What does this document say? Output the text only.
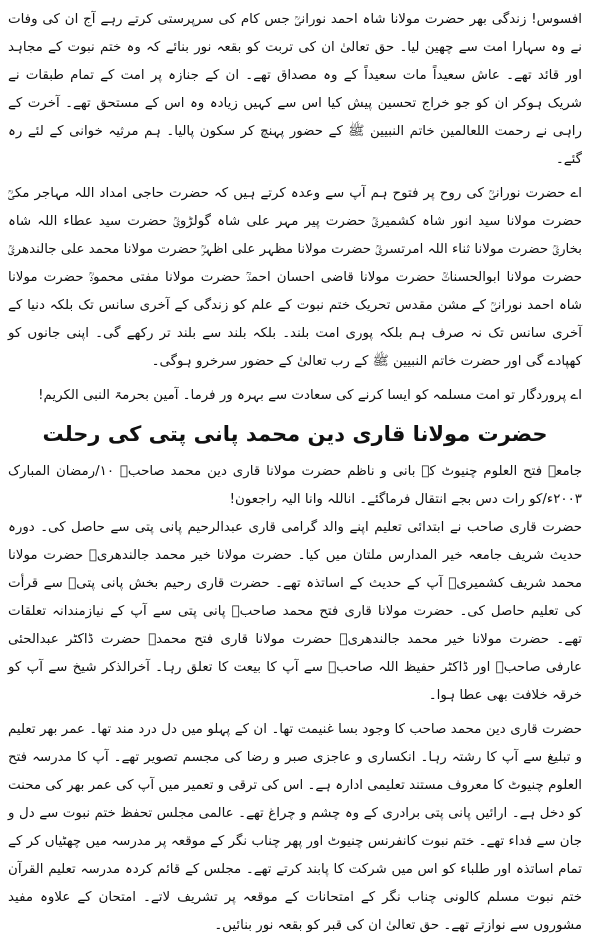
افسوس! زندگی بھر حضرت مولانا شاہ احمد نورانیؒ جس کام کی سرپرستی کرتے رہے آج ان کی وفات نے وہ سہارا امت سے چھین لیا۔ حق تعالیٰ ان کی تربت کو بقعہ نور بنائے کہ وہ ختم نبوت کے مجاہد اور قائد تھے۔ عاش سعیداً مات سعیداً کے وہ مصداق تھے۔ ان کے جنازہ پر امت کے تمام طبقات نے شریک ہوکر ان کو جو خراج تحسین پیش کیا اس سے کہیں زیادہ وہ اس کے مستحق تھے۔ آخرت کے راہی نے رحمت اللعالمین خاتم النبیین ﷺ کے حضور پہنچ کر سکون پالیا۔ ہم مرثیہ خوانی کے لئے رہ گئے۔

اے حضرت نورانیؒ کی روح پر فتوح ہم آپ سے وعدہ کرتے ہیں کہ حضرت حاجی امداد اللہ مہاجر مکیؒ حضرت مولانا سید انور شاہ کشمیریؒ حضرت پیر مہر علی شاہ گولڑویؒ حضرت سید عطاء اللہ شاہ بخاریؒ حضرت مولانا ثناء اللہ امرتسریؒ حضرت مولانا مظہر علی اظہرؒ حضرت مولانا محمد علی جالندھریؒ حضرت مولانا ابوالحسناتؒ حضرت مولانا قاضی احسان احمدؒ حضرت مولانا مفتی محمودؒ حضرت مولانا شاہ احمد نورانیؒ کے مشن مقدس تحریک ختم نبوت کے علم کو زندگی کے آخری سانس تک بلکہ دنیا کے آخری سانس تک نہ صرف ہم بلکہ پوری امت بلند۔ بلکہ بلند سے بلند تر رکھے گی۔ اپنی جانوں کو کھپادے گی اور حضرت خاتم النبیین ﷺ کے رب تعالیٰ کے حضور سرخرو ہوگی۔

اے پروردگار تو امت مسلمہ کو ایسا کرنے کی سعادت سے بہرہ ور فرما۔ آمین بحرمۃ النبی الکریم!

حضرت مولانا قاری دین محمد پانی پتی کی رحلت

جامعہ فتح العلوم چنیوٹ کے بانی و ناظم حضرت مولانا قاری دین محمد صاحبؒ ۱۰/رمضان المبارک ۲۰۰۳ء/کو رات دس بجے انتقال فرماگئے۔ اناللہ وانا الیہ راجعون!

حضرت قاری صاحب نے ابتدائی تعلیم اپنے والد گرامی قاری عبدالرحیم پانی پتی سے حاصل کی۔ دورہ حدیث شریف جامعہ خیر المدارس ملتان میں کیا۔ حضرت مولانا خیر محمد جالندھریؒ حضرت مولانا محمد شریف کشمیریؒ آپ کے حدیث کے اساتذہ تھے۔ حضرت قاری رحیم بخش پانی پتیؒ سے قرأت کی تعلیم حاصل کی۔ حضرت مولانا قاری فتح محمد صاحبؒ پانی پتی سے آپ کے نیازمندانہ تعلقات تھے۔ حضرت مولانا خیر محمد جالندھریؒ حضرت مولانا قاری فتح محمدؒ حضرت ڈاکٹر عبدالحئی عارفی صاحبؒ اور ڈاکٹر حفیظ اللہ صاحبؒ سے آپ کا بیعت کا تعلق رہا۔ آخرالذکر شیخ سے آپ کو خرقہ خلافت بھی عطا ہوا۔

حضرت قاری دین محمد صاحب کا وجود بسا غنیمت تھا۔ ان کے پہلو میں دل درد مند تھا۔ عمر بھر تعلیم و تبلیغ سے آپ کا رشتہ رہا۔ انکساری و عاجزی صبر و رضا کی مجسم تصویر تھے۔ آپ کا مدرسہ فتح العلوم چنیوٹ کا معروف مستند تعلیمی ادارہ ہے۔ اس کی ترقی و تعمیر میں آپ کی عمر بھر کی محنت کو دخل ہے۔ ارائیں پانی پتی برادری کے وہ چشم و چراغ تھے۔ عالمی مجلس تحفظ ختم نبوت سے دل و جان سے فداء تھے۔ ختم نبوت کانفرنس چنیوٹ اور پھر چناب نگر کے موقعہ پر مدرسہ میں چھٹیاں کر کے تمام اساتذہ اور طلباء کو اس میں شرکت کا پابند کرتے تھے۔ مجلس کے قائم کردہ مدرسہ تعلیم القرآن ختم نبوت مسلم کالونی چناب نگر کے امتحانات کے موقعہ پر تشریف لاتے۔ امتحان کے علاوہ مفید مشوروں سے نوازتے تھے۔ حق تعالیٰ ان کی قبر کو بقعہ نور بنائیں۔
